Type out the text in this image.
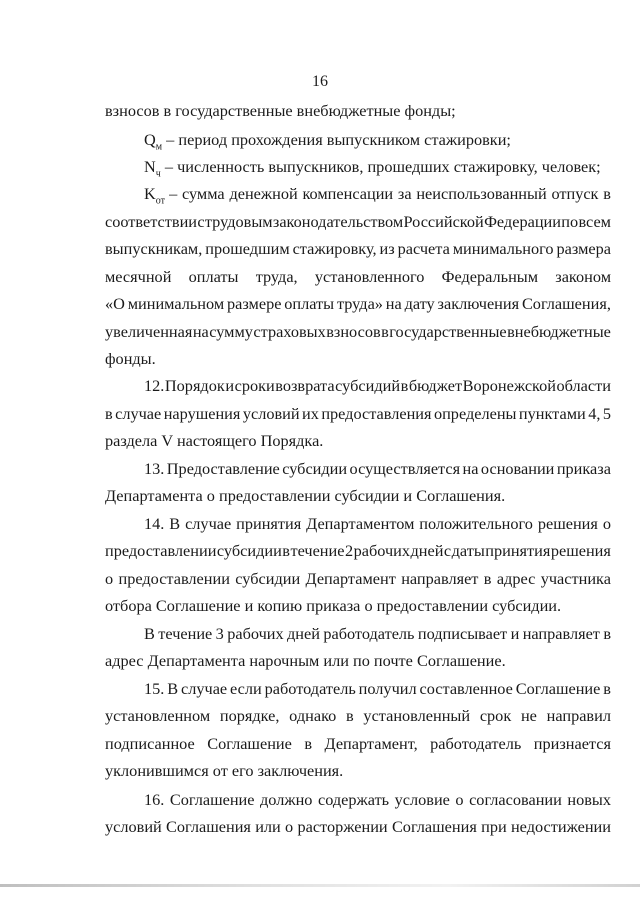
16
взносов в государственные внебюджетные фонды;
$Q_м$ – период прохождения выпускником стажировки;
$N_ч$ – численность выпускников, прошедших стажировку, человек;
$K_{от}$ – сумма денежной компенсации за неиспользованный отпуск в
соответствии с трудовым законодательством Российской Федерации по всем
выпускникам, прошедшим стажировку, из расчета минимального размера
месячной оплаты труда, установленного Федеральным законом
«О минимальном размере оплаты труда» на дату заключения Соглашения,
увеличенная на сумму страховых взносов в государственные внебюджетные
фонды.
12. Порядок и сроки возврата субсидий в бюджет Воронежской области
в случае нарушения условий их предоставления определены пунктами 4, 5
раздела V настоящего Порядка.
13. Предоставление субсидии осуществляется на основании приказа
Департамента о предоставлении субсидии и Соглашения.
14. В случае принятия Департаментом положительного решения о
предоставлении субсидии в течение 2 рабочих дней с даты принятия решения
о предоставлении субсидии Департамент направляет в адрес участника
отбора Соглашение и копию приказа о предоставлении субсидии.
В течение 3 рабочих дней работодатель подписывает и направляет в
адрес Департамента нарочным или по почте Соглашение.
15. В случае если работодатель получил составленное Соглашение в
установленном порядке, однако в установленный срок не направил
подписанное Соглашение в Департамент, работодатель признается
уклонившимся от его заключения.
16. Соглашение должно содержать условие о согласовании новых
условий Соглашения или о расторжении Соглашения при недостижении
